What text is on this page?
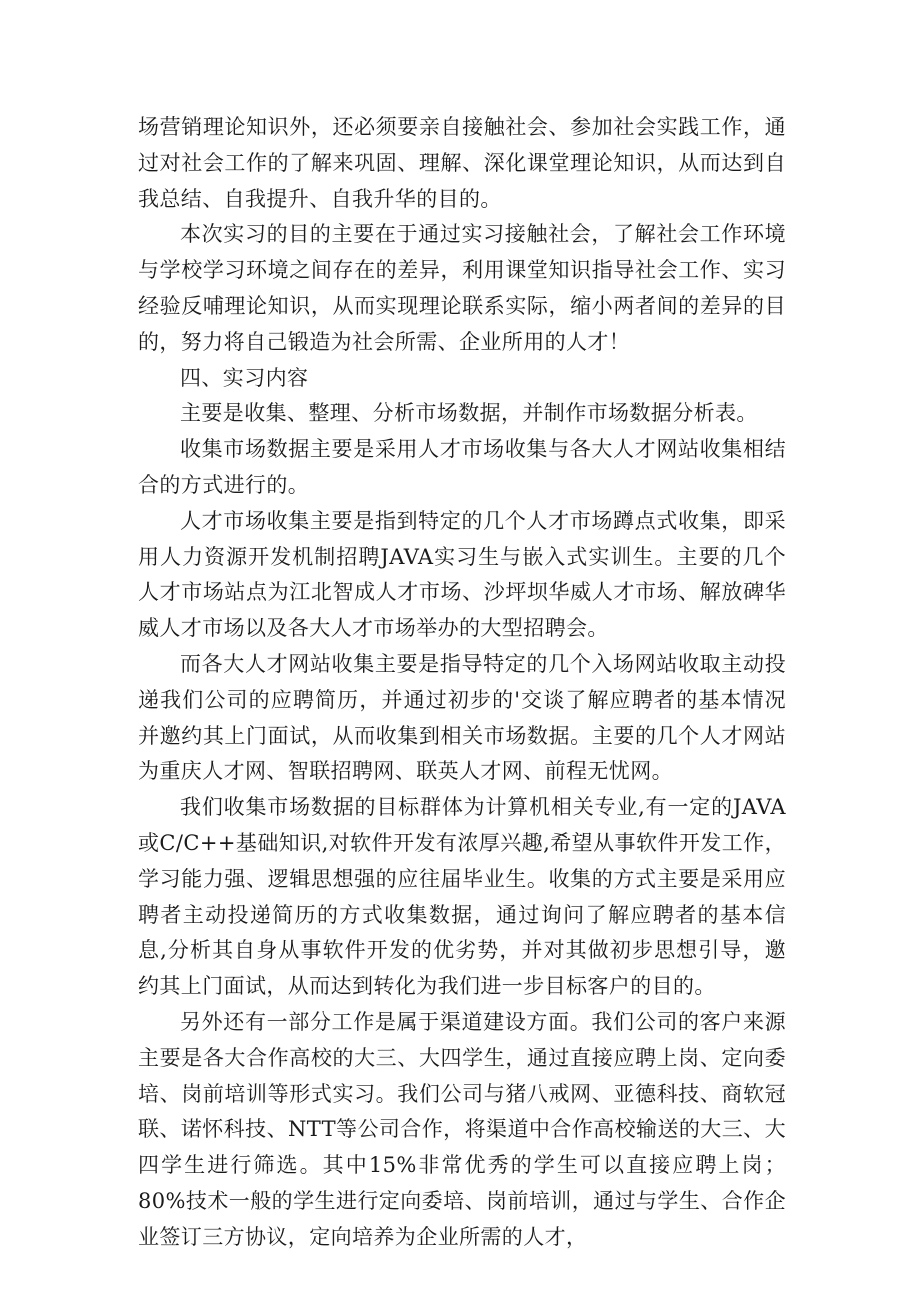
场营销理论知识外，还必须要亲自接触社会、参加社会实践工作，通过对社会工作的了解来巩固、理解、深化课堂理论知识，从而达到自我总结、自我提升、自我升华的目的。

本次实习的目的主要在于通过实习接触社会，了解社会工作环境与学校学习环境之间存在的差异，利用课堂知识指导社会工作、实习经验反哺理论知识，从而实现理论联系实际，缩小两者间的差异的目的，努力将自己锻造为社会所需、企业所用的人才！

四、实习内容

主要是收集、整理、分析市场数据，并制作市场数据分析表。

收集市场数据主要是采用人才市场收集与各大人才网站收集相结合的方式进行的。

人才市场收集主要是指到特定的几个人才市场蹲点式收集，即采用人力资源开发机制招聘JAVA实习生与嵌入式实训生。主要的几个人才市场站点为江北智成人才市场、沙坪坝华威人才市场、解放碑华威人才市场以及各大人才市场举办的大型招聘会。

而各大人才网站收集主要是指导特定的几个入场网站收取主动投递我们公司的应聘简历，并通过初步的'交谈了解应聘者的基本情况并邀约其上门面试，从而收集到相关市场数据。主要的几个人才网站为重庆人才网、智联招聘网、联英人才网、前程无忧网。

我们收集市场数据的目标群体为计算机相关专业,有一定的JAVA或C/C++基础知识,对软件开发有浓厚兴趣,希望从事软件开发工作，学习能力强、逻辑思想强的应往届毕业生。收集的方式主要是采用应聘者主动投递简历的方式收集数据，通过询问了解应聘者的基本信息,分析其自身从事软件开发的优劣势，并对其做初步思想引导，邀约其上门面试，从而达到转化为我们进一步目标客户的目的。

另外还有一部分工作是属于渠道建设方面。我们公司的客户来源主要是各大合作高校的大三、大四学生，通过直接应聘上岗、定向委培、岗前培训等形式实习。我们公司与猪八戒网、亚德科技、商软冠联、诺怀科技、NTT等公司合作，将渠道中合作高校输送的大三、大四学生进行筛选。其中15%非常优秀的学生可以直接应聘上岗；80%技术一般的学生进行定向委培、岗前培训，通过与学生、合作企业签订三方协议，定向培养为企业所需的人才，
